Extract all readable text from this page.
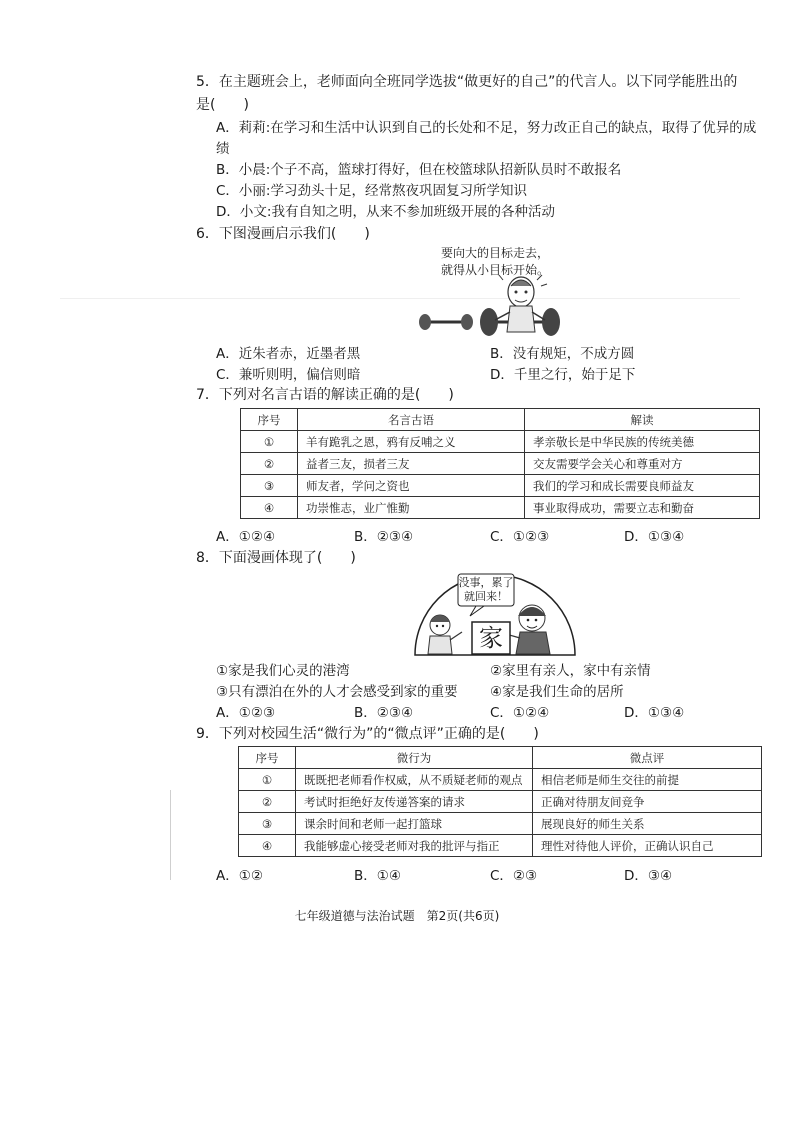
5．在主题班会上，老师面向全班同学选拔“做更好的自己”的代言人。以下同学能胜出的
是(　　)
A．莉莉:在学习和生活中认识到自己的长处和不足，努力改正自己的缺点，取得了优异的成绩
B．小晨:个子不高，篮球打得好，但在校篮球队招新队员时不敢报名
C．小丽:学习劲头十足，经常熬夜巩固复习所学知识
D．小文:我有自知之明，从来不参加班级开展的各种活动
6．下图漫画启示我们(　　)
要向大的目标走去，
就得从小目标开始。
A．近朱者赤，近墨者黑	B．没有规矩，不成方圆
C．兼听则明，偏信则暗	D．千里之行，始于足下
7．下列对名言古语的解读正确的是(　　)
序号	名言古语	解读
①	羊有跪乳之恩，鸦有反哺之义	孝亲敬长是中华民族的传统美德
②	益者三友，损者三友	交友需要学会关心和尊重对方
③	师友者，学问之资也	我们的学习和成长需要良师益友
④	功崇惟志，业广惟勤	事业取得成功，需要立志和勤奋
A．①②④	B．②③④	C．①②③	D．①③④
8．下面漫画体现了(　　)
没事，累了
就回来！
家
①家是我们心灵的港湾	②家里有亲人，家中有亲情
③只有漂泊在外的人才会感受到家的重要 ④家是我们生命的居所
A．①②③	B．②③④	C．①②④	D．①③④
9．下列对校园生活“微行为”的“微点评”正确的是(　　)
序号	微行为	微点评
①	既既把老师看作权威，从不质疑老师的观点	相信老师是师生交往的前提
②	考试时拒绝好友传递答案的请求	正确对待朋友间竞争
③	课余时间和老师一起打篮球	展现良好的师生关系
④	我能够虚心接受老师对我的批评与指正	理性对待他人评价，正确认识自己
A．①②	B．①④	C．②③	D．③④
七年级道德与法治试题　第2页(共6页)
